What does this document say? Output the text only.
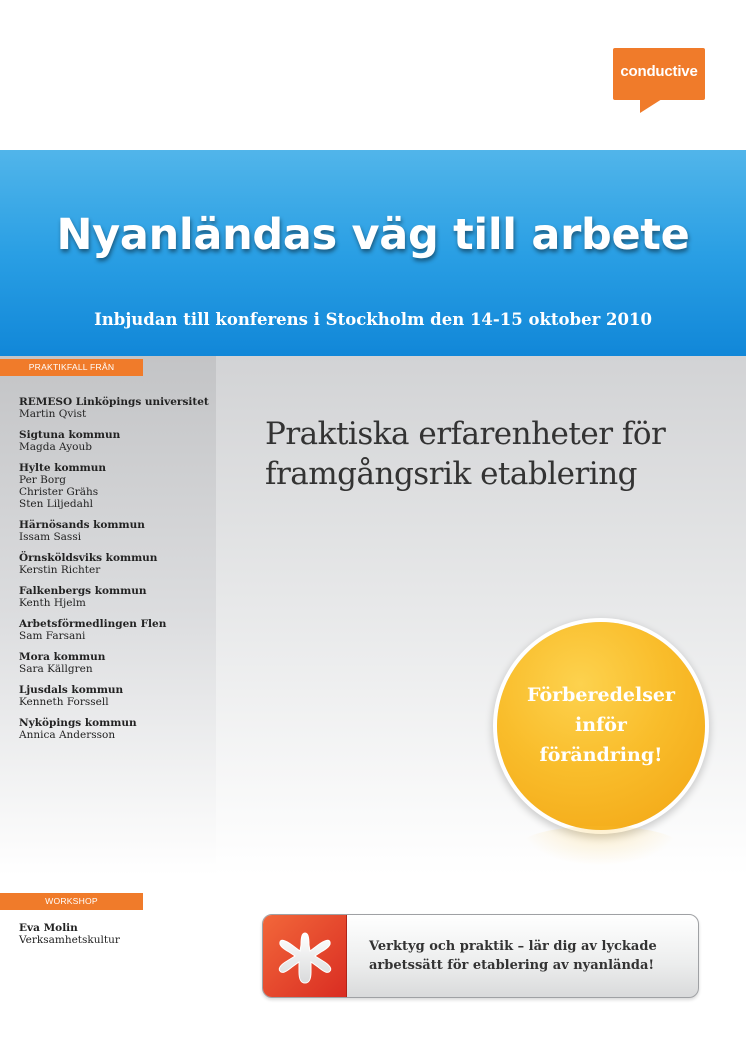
conductive
Nyanländas väg till arbete
Inbjudan till konferens i Stockholm den 14-15 oktober 2010
PRAKTIKFALL FRÅN
REMESO Linköpings universitet
Martin Qvist
Sigtuna kommun
Magda Ayoub
Hylte kommun
Per Borg
Christer Grähs
Sten Liljedahl
Härnösands kommun
Issam Sassi
Örnsköldsviks kommun
Kerstin Richter
Falkenbergs kommun
Kenth Hjelm
Arbetsförmedlingen Flen
Sam Farsani
Mora kommun
Sara Källgren
Ljusdals kommun
Kenneth Forssell
Nyköpings kommun
Annica Andersson
WORKSHOP
Eva Molin
Verksamhetskultur
Praktiska erfarenheter för
framgångsrik etablering
Förberedelser
inför
förändring!
Verktyg och praktik – lär dig av lyckade
arbetssätt för etablering av nyanlända!
